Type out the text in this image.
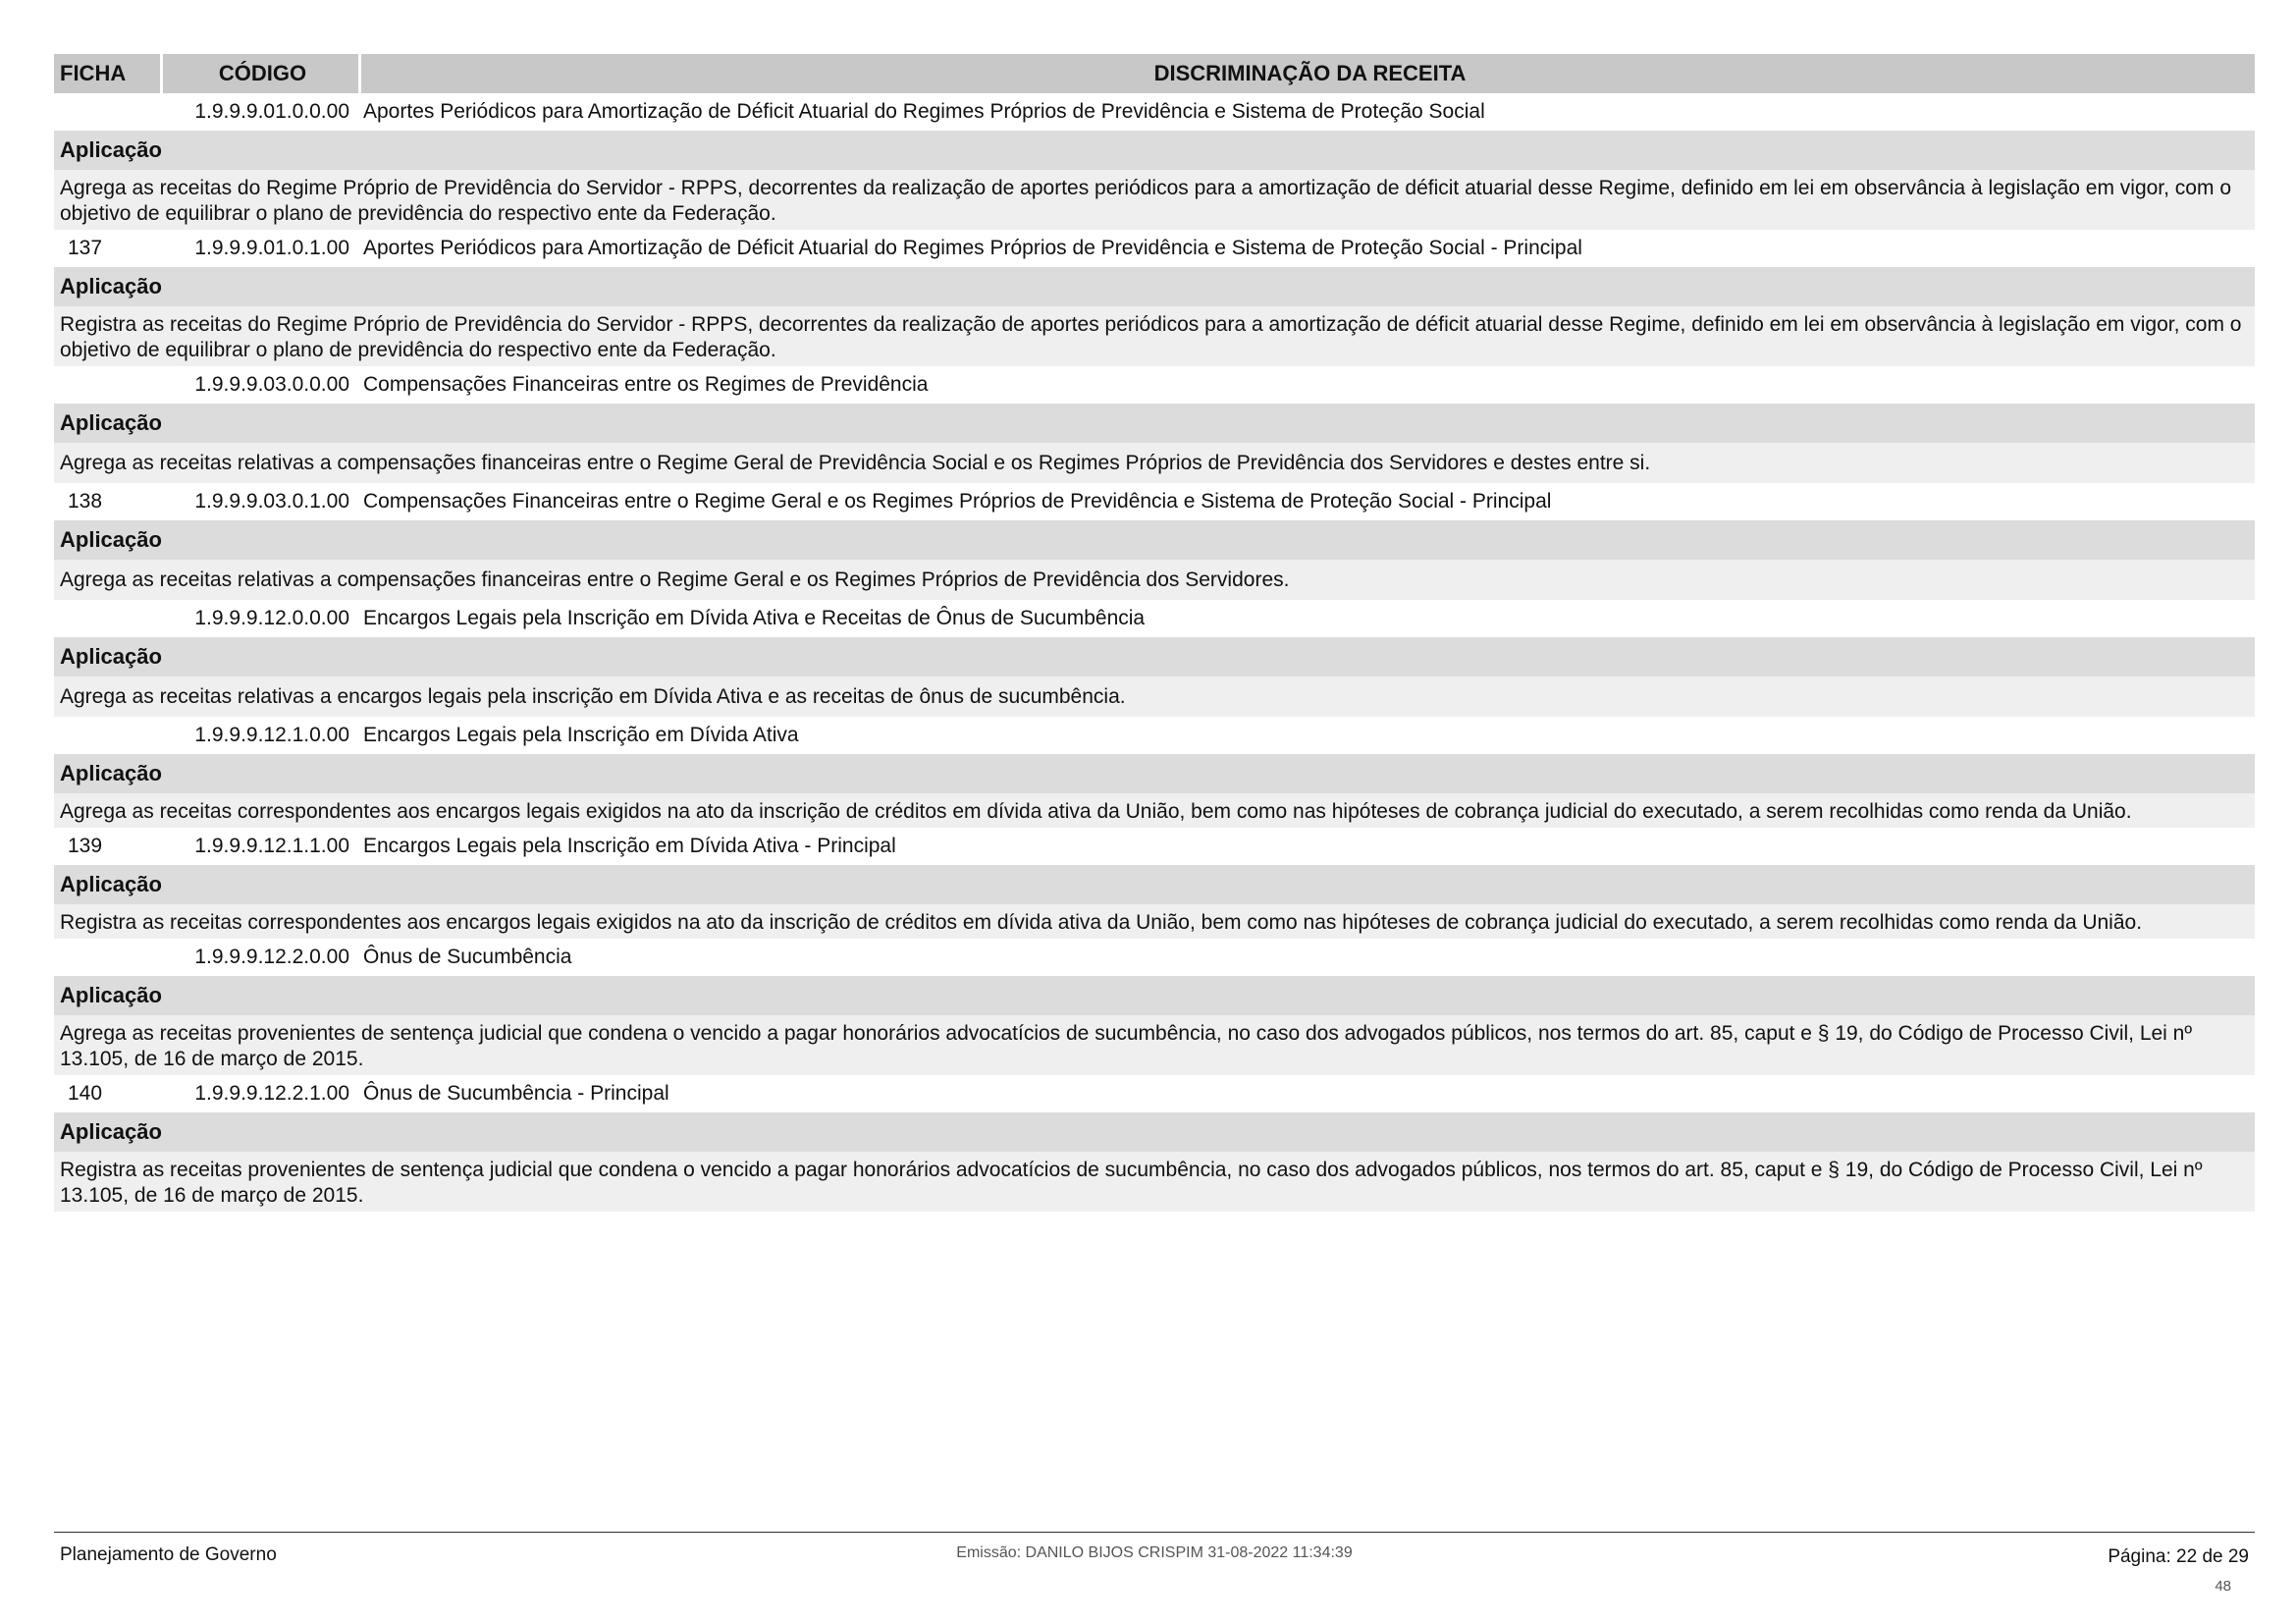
FICHA	CÓDIGO	DISCRIMINAÇÃO DA RECEITA
1.9.9.9.01.0.0.00 Aportes Periódicos para Amortização de Déficit Atuarial do Regimes Próprios de Previdência e Sistema de Proteção Social
Aplicação
Agrega as receitas do Regime Próprio de Previdência do Servidor - RPPS, decorrentes da realização de aportes periódicos para a amortização de déficit atuarial desse Regime, definido em lei em observância à legislação em vigor, com o objetivo de equilibrar o plano de previdência do respectivo ente da Federação.
137	1.9.9.9.01.0.1.00 Aportes Periódicos para Amortização de Déficit Atuarial do Regimes Próprios de Previdência e Sistema de Proteção Social - Principal
Aplicação
Registra as receitas do Regime Próprio de Previdência do Servidor - RPPS, decorrentes da realização de aportes periódicos para a amortização de déficit atuarial desse Regime, definido em lei em observância à legislação em vigor, com o objetivo de equilibrar o plano de previdência do respectivo ente da Federação.
1.9.9.9.03.0.0.00 Compensações Financeiras entre os Regimes de Previdência
Aplicação
Agrega as receitas relativas a compensações financeiras entre o Regime Geral de Previdência Social e os Regimes Próprios de Previdência dos Servidores e destes entre si.
138	1.9.9.9.03.0.1.00 Compensações Financeiras entre o Regime Geral e os Regimes Próprios de Previdência e Sistema de Proteção Social - Principal
Aplicação
Agrega as receitas relativas a compensações financeiras entre o Regime Geral e os Regimes Próprios de Previdência dos Servidores.
1.9.9.9.12.0.0.00 Encargos Legais pela Inscrição em Dívida Ativa e Receitas de Ônus de Sucumbência
Aplicação
Agrega as receitas relativas a encargos legais pela inscrição em Dívida Ativa e as receitas de ônus de sucumbência.
1.9.9.9.12.1.0.00 Encargos Legais pela Inscrição em Dívida Ativa
Aplicação
Agrega as receitas correspondentes aos encargos legais exigidos na ato da inscrição de créditos em dívida ativa da União, bem como nas hipóteses de cobrança judicial do executado, a serem recolhidas como renda da União.
139	1.9.9.9.12.1.1.00 Encargos Legais pela Inscrição em Dívida Ativa - Principal
Aplicação
Registra as receitas correspondentes aos encargos legais exigidos na ato da inscrição de créditos em dívida ativa da União, bem como nas hipóteses de cobrança judicial do executado, a serem recolhidas como renda da União.
1.9.9.9.12.2.0.00 Ônus de Sucumbência
Aplicação
Agrega as receitas provenientes de sentença judicial que condena o vencido a pagar honorários advocatícios de sucumbência, no caso dos advogados públicos, nos termos do art. 85, caput e § 19, do Código de Processo Civil, Lei nº 13.105, de 16 de março de 2015.
140	1.9.9.9.12.2.1.00 Ônus de Sucumbência - Principal
Aplicação
Registra as receitas provenientes de sentença judicial que condena o vencido a pagar honorários advocatícios de sucumbência, no caso dos advogados públicos, nos termos do art. 85, caput e § 19, do Código de Processo Civil, Lei nº 13.105, de 16 de março de 2015.
Planejamento de Governo	Emissão: DANILO BIJOS CRISPIM 31-08-2022 11:34:39	Página: 22 de 29
48
